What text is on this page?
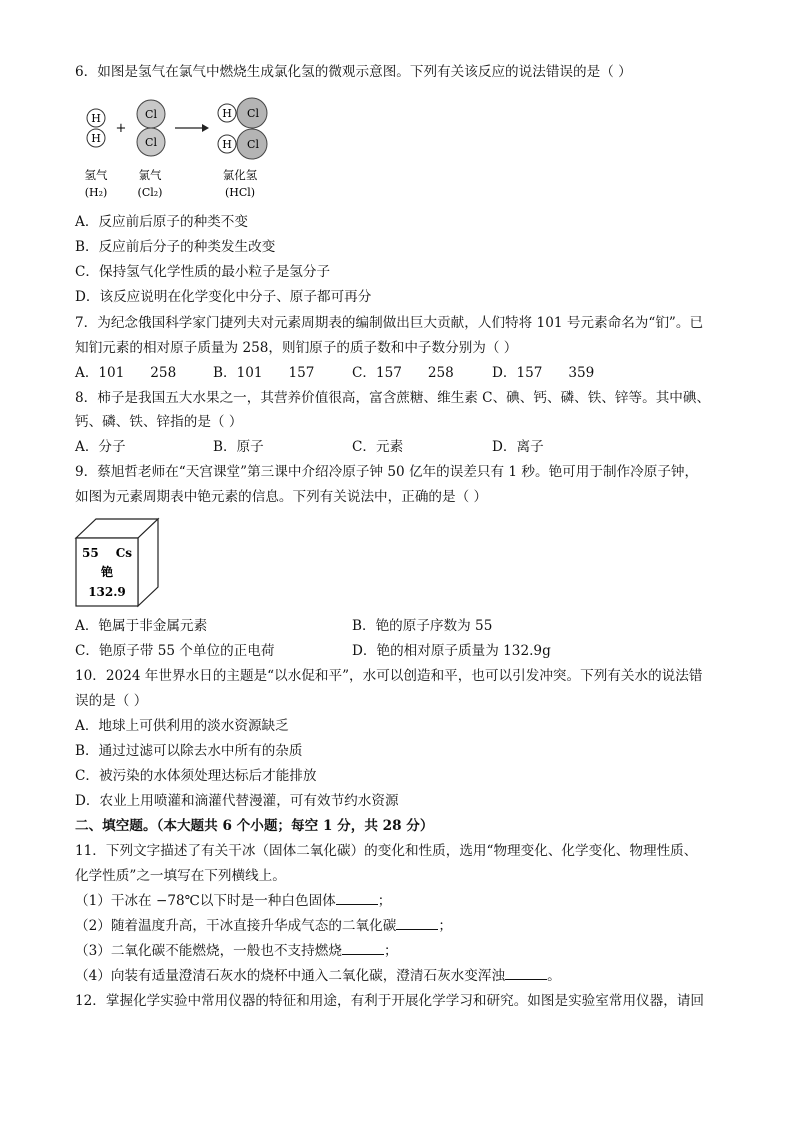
6．如图是氢气在氯气中燃烧生成氯化氢的微观示意图。下列有关该反应的说法错误的是（ ）
H
H
+
Cl
Cl
H Cl
H Cl
氢气
(H₂)
氯气
(Cl₂)
氯化氢
(HCl)
A．反应前后原子的种类不变
B．反应前后分子的种类发生改变
C．保持氢气化学性质的最小粒子是氢分子
D．该反应说明在化学变化中分子、原子都可再分
7．为纪念俄国科学家门捷列夫对元素周期表的编制做出巨大贡献，人们特将 101 号元素命名为“钔”。已
知钔元素的相对原子质量为 258，则钔原子的质子数和中子数分别为（ ）
A．101      258	B．101      157	C．157      258	D．157      359
8．柿子是我国五大水果之一，其营养价值很高，富含蔗糖、维生素 C、碘、钙、磷、铁、锌等。其中碘、
钙、磷、铁、锌指的是（ ）
A．分子	B．原子	C．元素	D．离子
9．蔡旭哲老师在“天宫课堂”第三课中介绍冷原子钟 50 亿年的误差只有 1 秒。铯可用于制作冷原子钟，
如图为元素周期表中铯元素的信息。下列有关说法中，正确的是（ ）
55 Cs
铯
132.9
A．铯属于非金属元素	B．铯的原子序数为 55
C．铯原子带 55 个单位的正电荷	D．铯的相对原子质量为 132.9g
10．2024 年世界水日的主题是“以水促和平”，水可以创造和平，也可以引发冲突。下列有关水的说法错
误的是（ ）
A．地球上可供利用的淡水资源缺乏
B．通过过滤可以除去水中所有的杂质
C．被污染的水体须处理达标后才能排放
D．农业上用喷灌和滴灌代替漫灌，可有效节约水资源
二、填空题。（本大题共 6 个小题；每空 1 分，共 28 分）
11．下列文字描述了有关干冰（固体二氧化碳）的变化和性质，选用“物理变化、化学变化、物理性质、
化学性质”之一填写在下列横线上。
（1）干冰在 −78℃以下时是一种白色固体	；
（2）随着温度升高，干冰直接升华成气态的二氧化碳	；
（3）二氧化碳不能燃烧，一般也不支持燃烧	；
（4）向装有适量澄清石灰水的烧杯中通入二氧化碳，澄清石灰水变浑浊	。
12．掌握化学实验中常用仪器的特征和用途，有利于开展化学学习和研究。如图是实验室常用仪器，请回
